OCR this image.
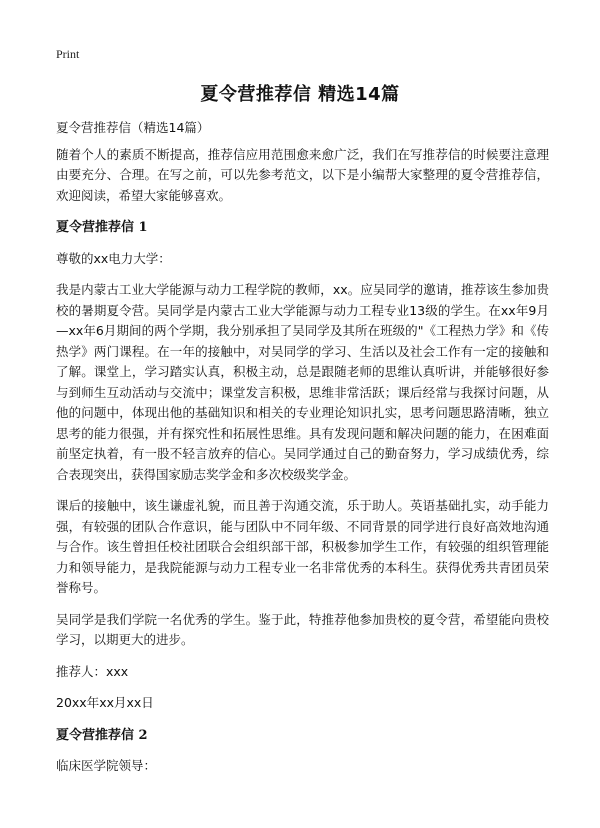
Print
夏令营推荐信 精选14篇

夏令营推荐信（精选14篇）

随着个人的素质不断提高，推荐信应用范围愈来愈广泛，我们在写推荐信的时候要注意理由要充分、合理。在写之前，可以先参考范文，以下是小编帮大家整理的夏令营推荐信，欢迎阅读，希望大家能够喜欢。

夏令营推荐信 1

尊敬的xx电力大学：

我是内蒙古工业大学能源与动力工程学院的教师，xx。应吴同学的邀请，推荐该生参加贵校的暑期夏令营。吴同学是内蒙古工业大学能源与动力工程专业13级的学生。在xx年9月—xx年6月期间的两个学期，我分别承担了吴同学及其所在班级的"《工程热力学》和《传热学》两门课程。在一年的接触中，对吴同学的学习、生活以及社会工作有一定的接触和了解。课堂上，学习踏实认真，积极主动，总是跟随老师的思维认真听讲，并能够很好参与到师生互动活动与交流中；课堂发言积极，思维非常活跃；课后经常与我探讨问题，从他的问题中，体现出他的基础知识和相关的专业理论知识扎实，思考问题思路清晰，独立思考的能力很强，并有探究性和拓展性思维。具有发现问题和解决问题的能力，在困难面前坚定执着，有一股不轻言放弃的信心。吴同学通过自己的勤奋努力，学习成绩优秀，综合表现突出，获得国家励志奖学金和多次校级奖学金。

课后的接触中，该生谦虚礼貌，而且善于沟通交流，乐于助人。英语基础扎实，动手能力强，有较强的团队合作意识，能与团队中不同年级、不同背景的同学进行良好高效地沟通与合作。该生曾担任校社团联合会组织部干部，积极参加学生工作，有较强的组织管理能力和领导能力，是我院能源与动力工程专业一名非常优秀的本科生。获得优秀共青团员荣誉称号。

吴同学是我们学院一名优秀的学生。鉴于此，特推荐他参加贵校的夏令营，希望能向贵校学习，以期更大的进步。

推荐人：xxx

20xx年xx月xx日

夏令营推荐信 2

临床医学院领导：
